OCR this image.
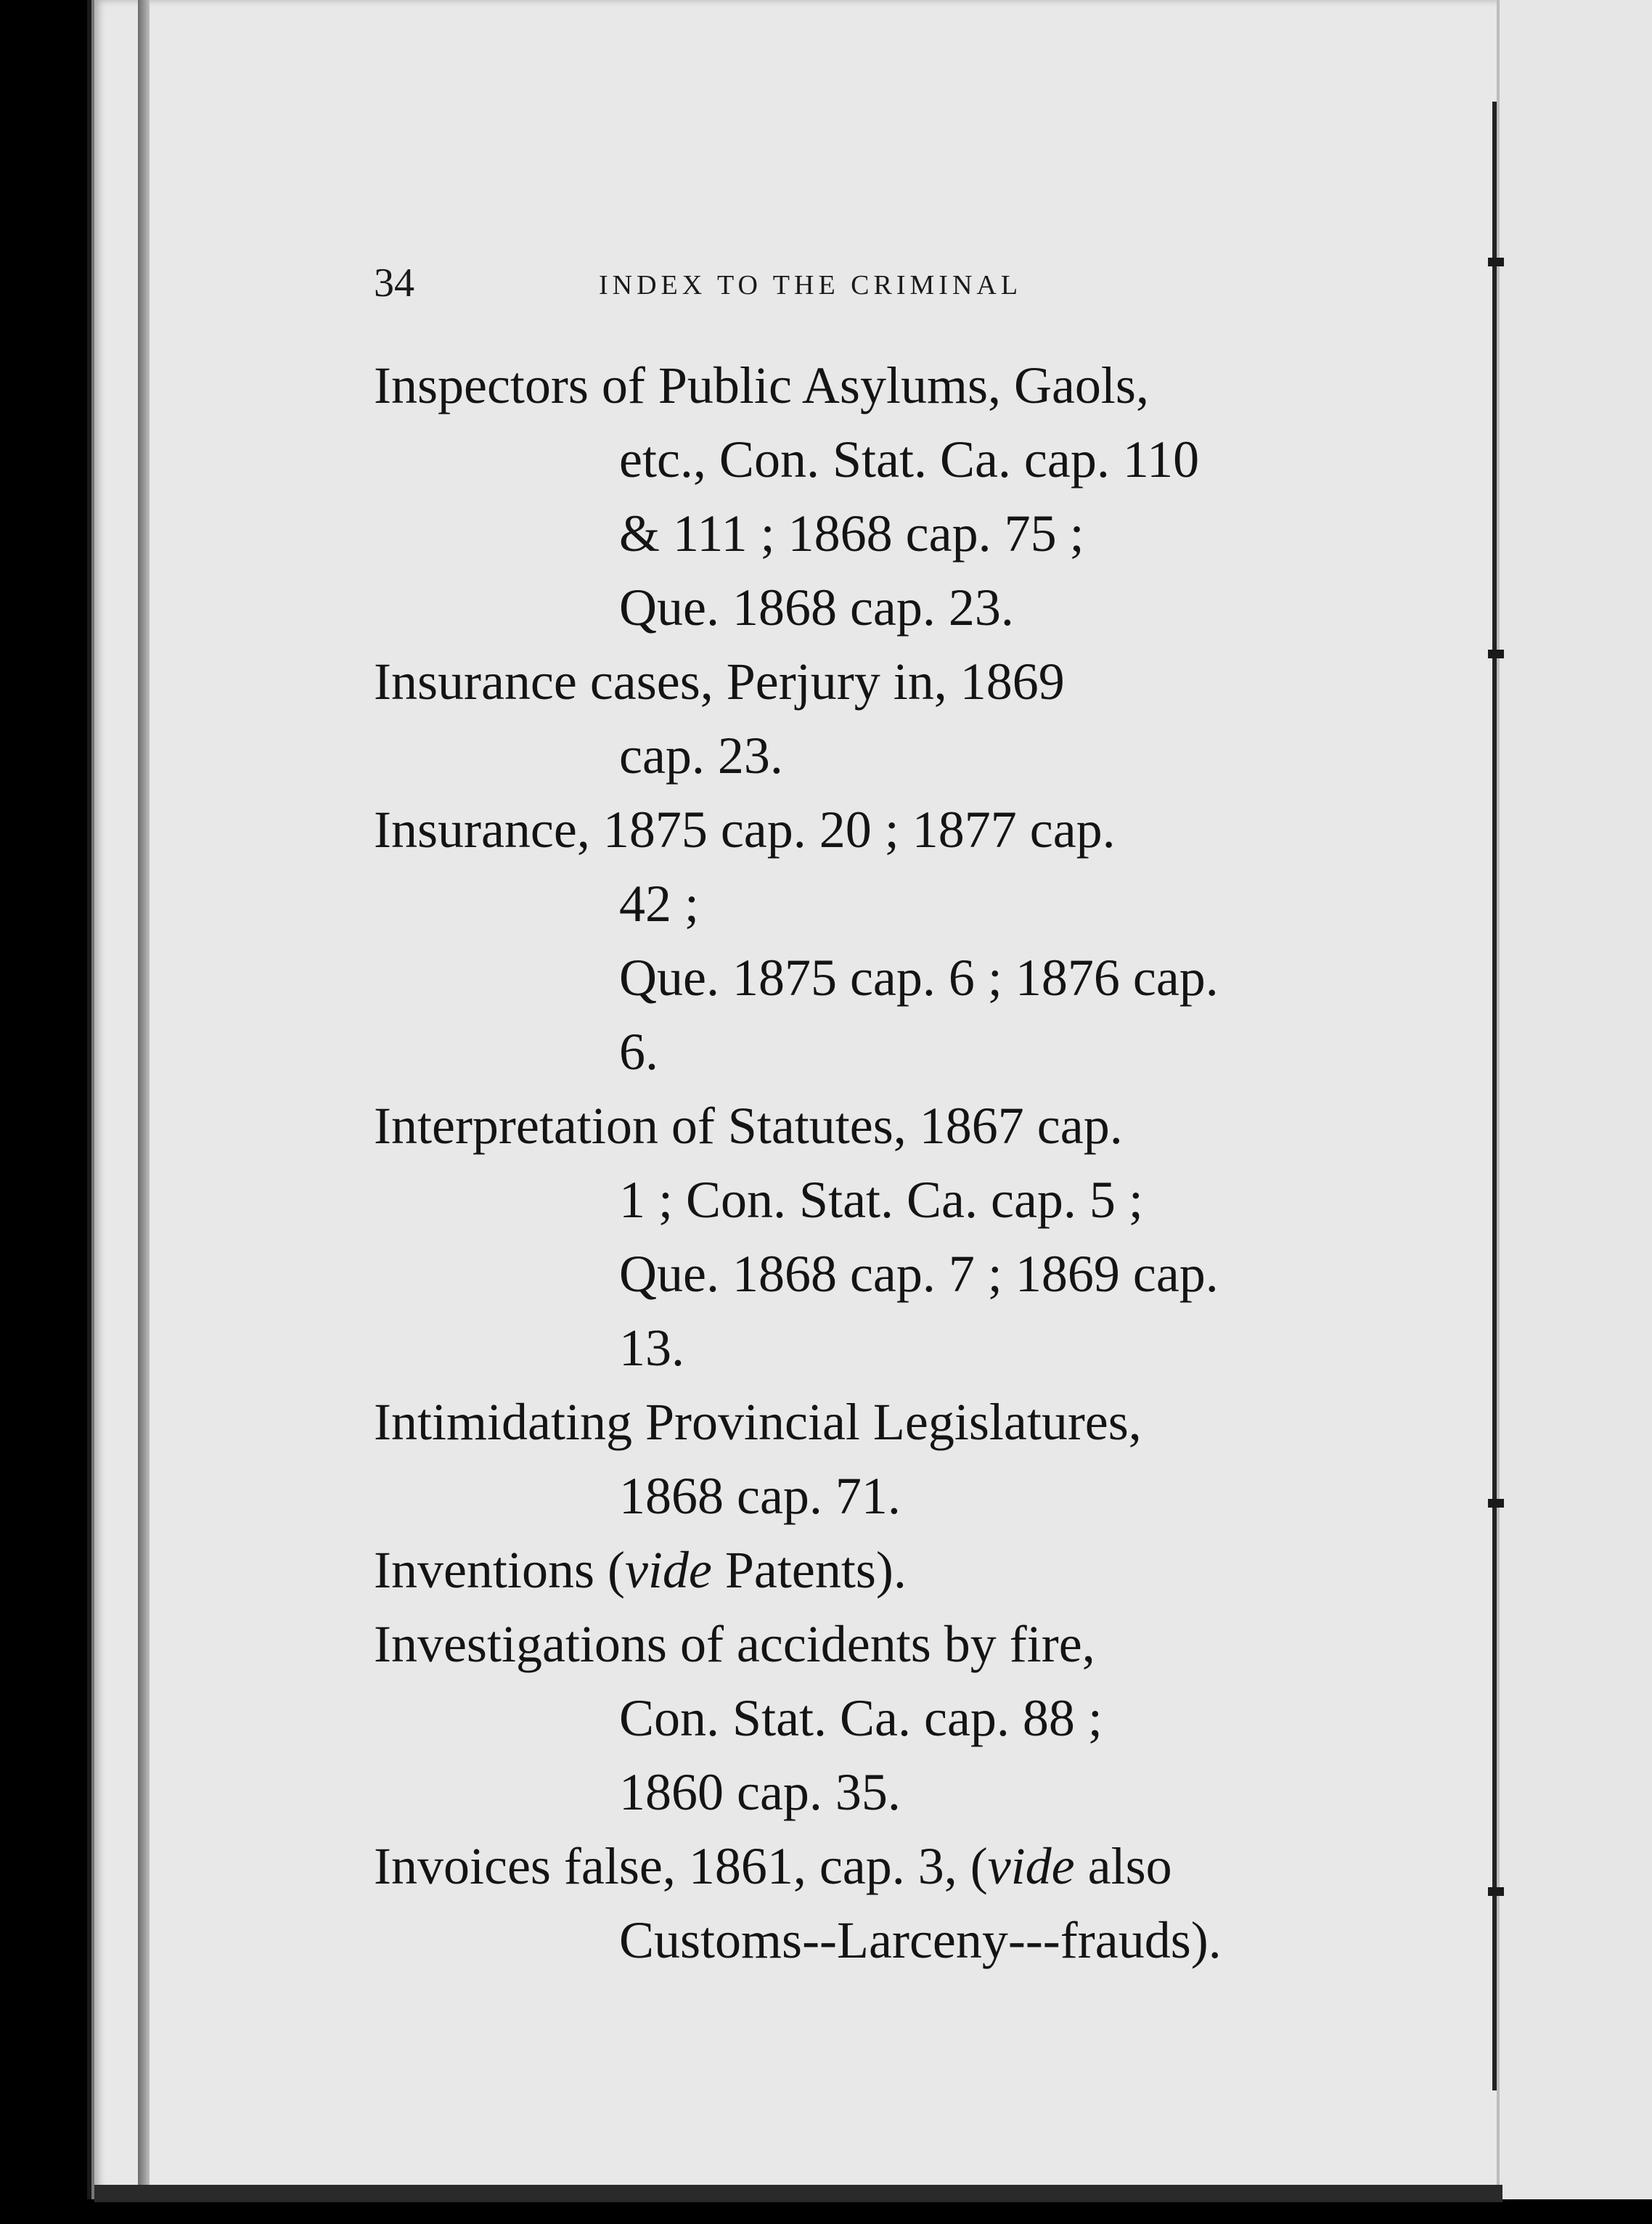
34	INDEX TO THE CRIMINAL
Inspectors of Public Asylums, Gaols,
etc., Con. Stat. Ca. cap. 110
& 111 ; 1868 cap. 75 ;
Que. 1868 cap. 23.
Insurance cases, Perjury in, 1869
cap. 23.
Insurance, 1875 cap. 20 ; 1877 cap.
42 ;
Que. 1875 cap. 6 ; 1876 cap.
6.
Interpretation of Statutes, 1867 cap.
1 ; Con. Stat. Ca. cap. 5 ;
Que. 1868 cap. 7 ; 1869 cap.
13.
Intimidating Provincial Legislatures,
1868 cap. 71.
Inventions (vide Patents).
Investigations of accidents by fire,
Con. Stat. Ca. cap. 88 ;
1860 cap. 35.
Invoices false, 1861, cap. 3, (vide also
Customs--Larceny---frauds).
